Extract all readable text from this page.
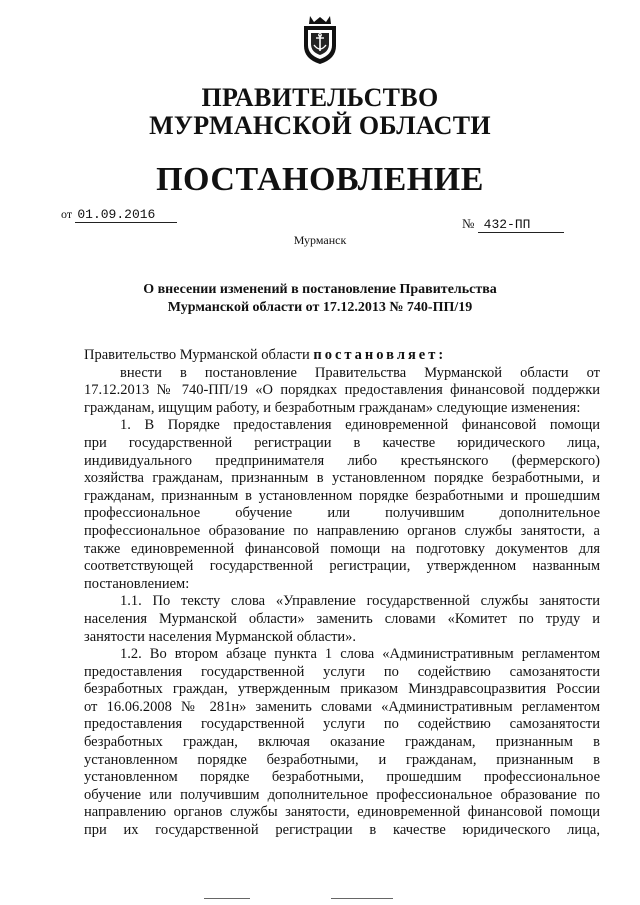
ПРАВИТЕЛЬСТВО
МУРМАНСКОЙ ОБЛАСТИ
ПОСТАНОВЛЕНИЕ
от 01.09.2016
№ 432-ПП

Мурманск

О внесении изменений в постановление Правительства
Мурманской области от 17.12.2013 № 740-ПП/19

Правительство Мурманской области постановляет:

внести в постановление Правительства Мурманской области от

17.12.2013 № 740-ПП/19 «О порядках предоставления финансовой поддержки

гражданам, ищущим работу, и безработным гражданам» следующие изменения:

1. В Порядке предоставления единовременной финансовой помощи

при государственной регистрации в качестве юридического лица,

индивидуального предпринимателя либо крестьянского (фермерского)

хозяйства гражданам, признанным в установленном порядке безработными, и

гражданам, признанным в установленном порядке безработными и прошедшим

профессиональное обучение или получившим дополнительное

профессиональное образование по направлению органов службы занятости, а

также единовременной финансовой помощи на подготовку документов для

соответствующей государственной регистрации, утвержденном названным

постановлением:

1.1. По тексту слова «Управление государственной службы занятости

населения Мурманской области» заменить словами «Комитет по труду и

занятости населения Мурманской области».

1.2. Во втором абзаце пункта 1 слова «Административным регламентом

предоставления государственной услуги по содействию самозанятости

безработных граждан, утвержденным приказом Минздравсоцразвития России

от 16.06.2008 № 281н» заменить словами «Административным регламентом

предоставления государственной услуги по содействию самозанятости

безработных граждан, включая оказание гражданам, признанным в

установленном порядке безработными, и гражданам, признанным в

установленном порядке безработными, прошедшим профессиональное

обучение или получившим дополнительное профессиональное образование по

направлению органов службы занятости, единовременной финансовой помощи

при их государственной регистрации в качестве юридического лица,
